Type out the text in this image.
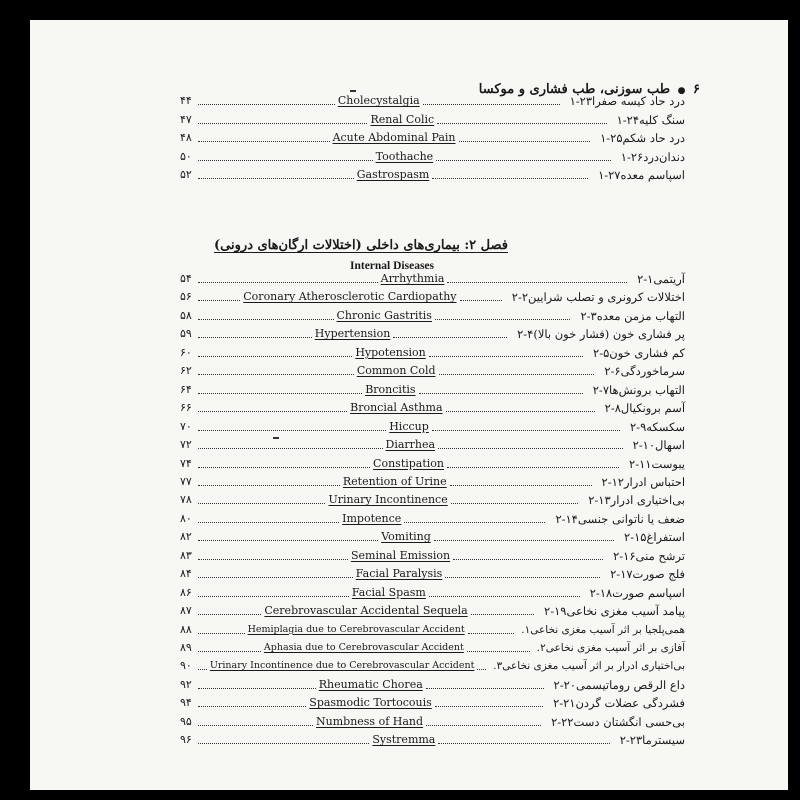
۶ ● طب سوزنی، طب فشاری و موکسا
۴۴	Cholecystalgia	۱-۲۳ درد حاد کیسه صفرا
۴۷	Renal Colic	۱-۲۴ سنگ کلیه
۴۸	Acute Abdominal Pain	۱-۲۵ درد حاد شکم
۵۰	Toothache	۱-۲۶ دندان‌درد
۵۲	Gastrospasm	۱-۲۷ اسپاسم معده
فصل ۲: بیماری‌های داخلی (اختلالات ارگان‌های درونی)
Internal Diseases
۵۴	Arrhythmia	۲-۱ آریتمی
۵۶	Coronary Atherosclerotic Cardiopathy	۲-۲ اختلالات کرونری و تصلب شرایین
۵۸	Chronic Gastritis	۲-۳ التهاب مزمن معده
۵۹	Hypertension	۲-۴ پر فشاری خون (فشار خون بالا)
۶۰	Hypotension	۲-۵ کم فشاری خون
۶۲	Common Cold	۲-۶ سرماخوردگی
۶۴	Broncitis	۲-۷ التهاب برونش‌ها
۶۶	Broncial Asthma	۲-۸ آسم برونکیال
۷۰	Hiccup	۲-۹ سکسکه
۷۲	Diarrhea	۲-۱۰ اسهال
۷۴	Constipation	۲-۱۱ یبوست
۷۷	Retention of Urine	۲-۱۲ احتباس ادرار
۷۸	Urinary Incontinence	۲-۱۳ بی‌اختیاری ادرار
۸۰	Impotence	۲-۱۴ ضعف یا ناتوانی جنسی
۸۲	Vomiting	۲-۱۵ استفراغ
۸۳	Seminal Emission	۲-۱۶ ترشح منی
۸۴	Facial Paralysis	۲-۱۷ فلج صورت
۸۶	Facial Spasm	۲-۱۸ اسپاسم صورت
۸۷	Cerebrovascular Accidental Sequela	۲-۱۹ پیامد آسیب مغزی نخاعی
۸۸	Hemiplagia due to Cerebrovascular Accident	۱. همی‌پلجیا بر اثر آسیب مغزی نخاعی
۸۹	Aphasia due to Cerebrovascular Accident	۲. آفازی بر اثر آسیب مغزی نخاعی
۹۰	Urinary Incontinence due to Cerebrovascular Accident ۳. بی‌اختیاری ادرار بر اثر آسیب مغزی نخاعی
۹۲	Rheumatic Chorea	۲-۲۰ داع الرقص روماتیسمی
۹۴	Spasmodic Tortocouis	۲-۲۱ فشردگی عضلات گردن
۹۵	Numbness of Hand	۲-۲۲ بی‌حسی انگشتان دست
۹۶	Systremma	۲-۲۳ سیسترما
